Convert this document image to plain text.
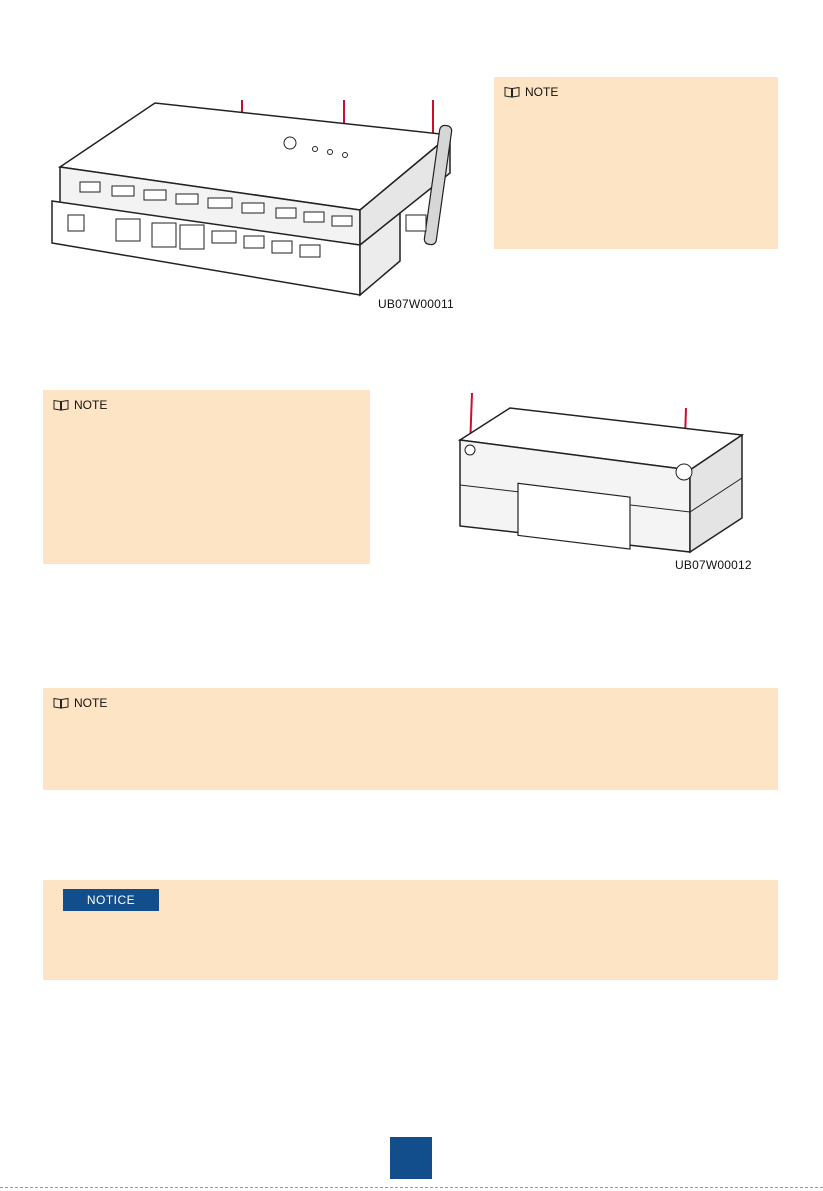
UB07W00011
NOTE
NOTE
UB07W00012
NOTE
NOTICE
